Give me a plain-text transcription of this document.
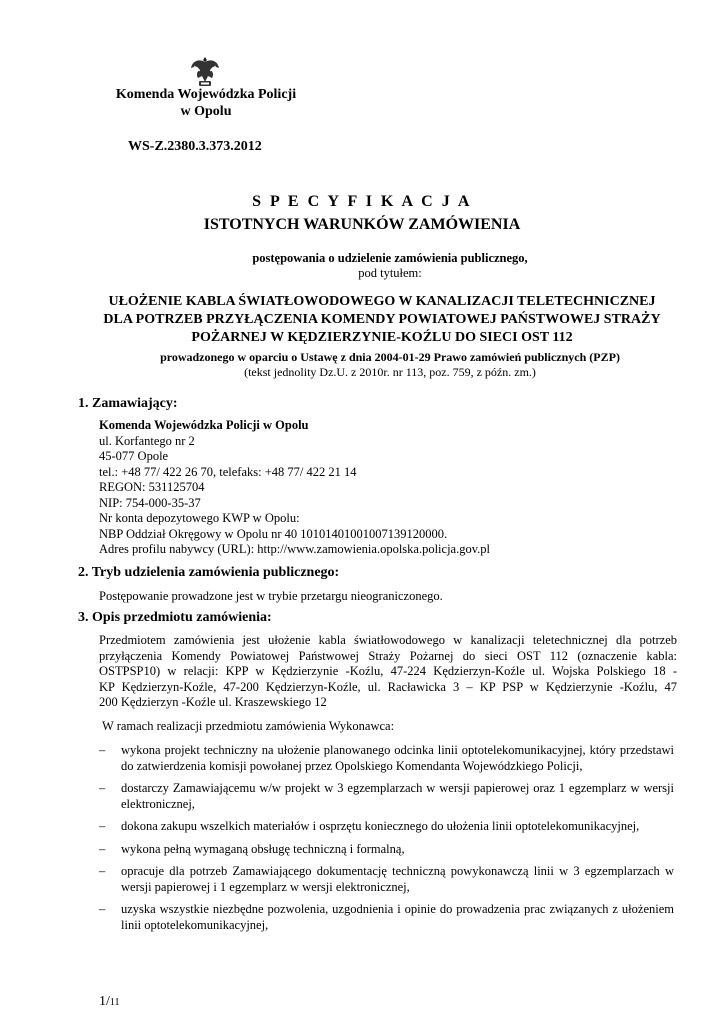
Komenda Wojewódzka Policji
w Opolu
WS-Z.2380.3.373.2012
S P E C Y F I K A C J A
ISTOTNYCH WARUNKÓW ZAMÓWIENIA
postępowania o udzielenie zamówienia publicznego,
pod tytułem:
UŁOŻENIE KABLA ŚWIATŁOWODOWEGO W KANALIZACJI TELETECHNICZNEJ
DLA POTRZEB PRZYŁĄCZENIA KOMENDY POWIATOWEJ PAŃSTWOWEJ STRAŻY
POŻARNEJ W KĘDZIERZYNIE-KOŹLU DO SIECI OST 112
prowadzonego w oparciu o Ustawę z dnia 2004-01-29 Prawo zamówień publicznych (PZP)
(tekst jednolity Dz.U. z 2010r. nr 113, poz. 759, z późn. zm.)
1. Zamawiający:
Komenda Wojewódzka Policji w Opolu
ul. Korfantego nr 2
45-077 Opole
tel.: +48 77/ 422 26 70, telefaks: +48 77/ 422 21 14
REGON: 531125704
NIP: 754-000-35-37
Nr konta depozytowego KWP w Opolu:
NBP Oddział Okręgowy w Opolu nr 40 10101401001007139120000.
Adres profilu nabywcy (URL): http://www.zamowienia.opolska.policja.gov.pl
2. Tryb udzielenia zamówienia publicznego:
Postępowanie prowadzone jest w trybie przetargu nieograniczonego.
3. Opis przedmiotu zamówienia:
Przedmiotem zamówienia jest ułożenie kabla światłowodowego w kanalizacji teletechnicznej dla potrzeb
przyłączenia Komendy Powiatowej Państwowej Straży Pożarnej do sieci OST 112 (oznaczenie kabla:
OSTPSP10) w relacji: KPP w Kędzierzynie -Koźlu, 47-224 Kędzierzyn-Koźle ul. Wojska Polskiego 18 -
KP Kędzierzyn-Koźle, 47-200 Kędzierzyn-Koźle, ul. Racławicka 3 – KP PSP w Kędzierzynie -Koźlu, 47
200 Kędzierzyn -Koźle ul. Kraszewskiego 12
W ramach realizacji przedmiotu zamówienia Wykonawca:
– wykona projekt techniczny na ułożenie planowanego odcinka linii optotelekomunikacyjnej, który przedstawi do zatwierdzenia komisji powołanej przez Opolskiego Komendanta Wojewódzkiego Policji,
– dostarczy Zamawiającemu w/w projekt w 3 egzemplarzach w wersji papierowej oraz 1 egzemplarz w wersji elektronicznej,
– dokona zakupu wszelkich materiałów i osprzętu koniecznego do ułożenia linii optotelekomunikacyjnej,
– wykona pełną wymaganą obsługę techniczną i formalną,
– opracuje dla potrzeb Zamawiającego dokumentację techniczną powykonawczą linii w 3 egzemplarzach w wersji papierowej i 1 egzemplarz w wersji elektronicznej,
– uzyska wszystkie niezbędne pozwolenia, uzgodnienia i opinie do prowadzenia prac związanych z ułożeniem linii optotelekomunikacyjnej,
1/11
